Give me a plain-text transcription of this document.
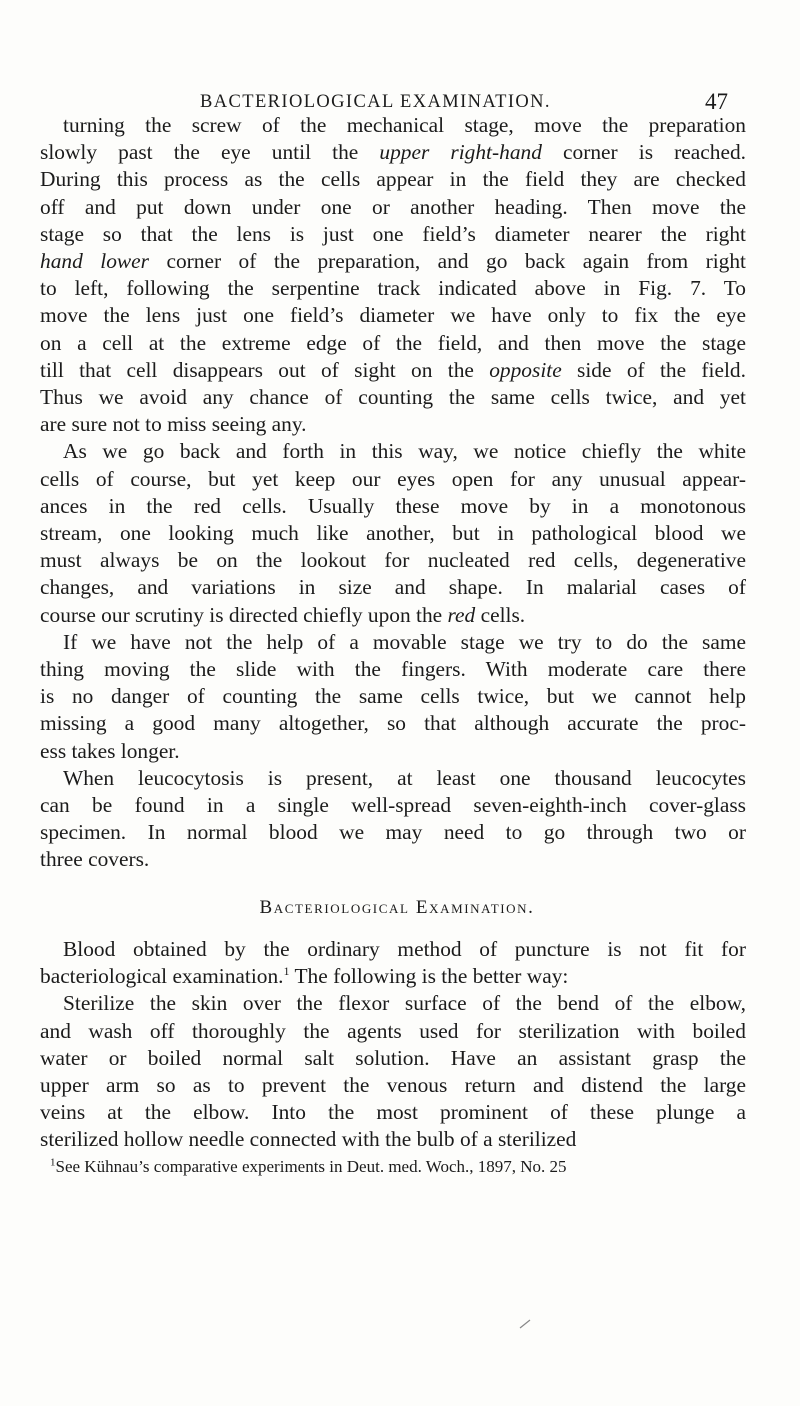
BACTERIOLOGICAL EXAMINATION.	47
turning the screw of the mechanical stage, move the preparation
slowly past the eye until the upper right-hand corner is reached.
During this process as the cells appear in the field they are checked
off and put down under one or another heading. Then move the
stage so that the lens is just one field’s diameter nearer the right
hand lower corner of the preparation, and go back again from right
to left, following the serpentine track indicated above in Fig. 7. To
move the lens just one field’s diameter we have only to fix the eye
on a cell at the extreme edge of the field, and then move the stage
till that cell disappears out of sight on the opposite side of the field.
Thus we avoid any chance of counting the same cells twice, and yet
are sure not to miss seeing any.
As we go back and forth in this way, we notice chiefly the white
cells of course, but yet keep our eyes open for any unusual appear-
ances in the red cells. Usually these move by in a monotonous
stream, one looking much like another, but in pathological blood we
must always be on the lookout for nucleated red cells, degenerative
changes, and variations in size and shape. In malarial cases of
course our scrutiny is directed chiefly upon the red cells.
If we have not the help of a movable stage we try to do the same
thing moving the slide with the fingers. With moderate care there
is no danger of counting the same cells twice, but we cannot help
missing a good many altogether, so that although accurate the proc-
ess takes longer.
When leucocytosis is present, at least one thousand leucocytes
can be found in a single well-spread seven-eighth-inch cover-glass
specimen. In normal blood we may need to go through two or
three covers.
Bacteriological Examination.
Blood obtained by the ordinary method of puncture is not fit for
bacteriological examination.$^1$ The following is the better way:
Sterilize the skin over the flexor surface of the bend of the elbow,
and wash off thoroughly the agents used for sterilization with boiled
water or boiled normal salt solution. Have an assistant grasp the
upper arm so as to prevent the venous return and distend the large
veins at the elbow. Into the most prominent of these plunge a
sterilized hollow needle connected with the bulb of a sterilized

$^1$See Kühnau’s comparative experiments in Deut. med. Woch., 1897, No. 25
